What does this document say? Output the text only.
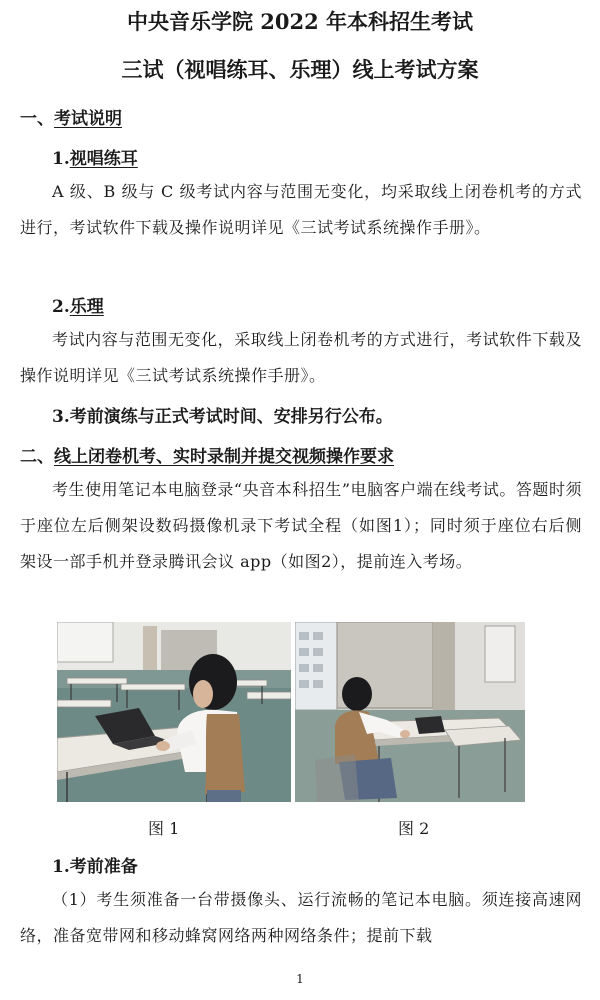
中央音乐学院 2022 年本科招生考试
三试（视唱练耳、乐理）线上考试方案
一、考试说明
1.视唱练耳
A 级、B 级与 C 级考试内容与范围无变化，均采取线上闭卷机考的方式进行，考试软件下载及操作说明详见《三试考试系统操作手册》。
2.乐理
考试内容与范围无变化，采取线上闭卷机考的方式进行，考试软件下载及操作说明详见《三试考试系统操作手册》。
3.考前演练与正式考试时间、安排另行公布。
二、线上闭卷机考、实时录制并提交视频操作要求
考生使用笔记本电脑登录“央音本科招生”电脑客户端在线考试。答题时须于座位左后侧架设数码摄像机录下考试全程（如图1）；同时须于座位右后侧架设一部手机并登录腾讯会议 app（如图2），提前连入考场。
图 1	图 2
1.考前准备
（1）考生须准备一台带摄像头、运行流畅的笔记本电脑。须连接高速网络，准备宽带网和移动蜂窝网络两种网络条件；提前下载
1
